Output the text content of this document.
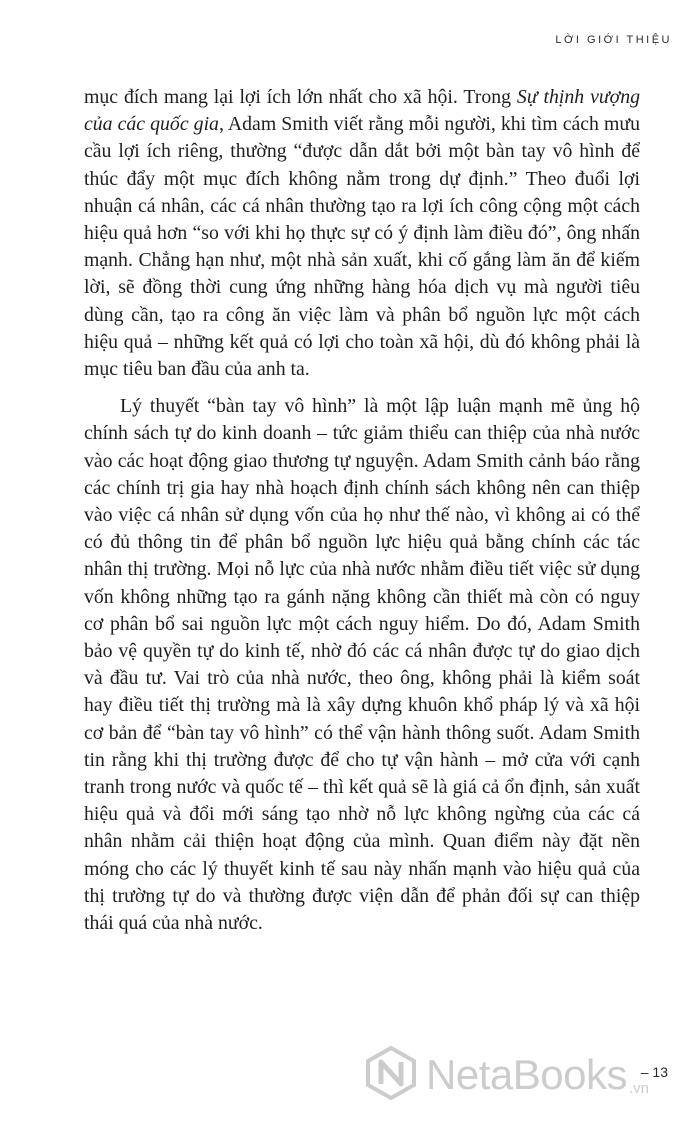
LỜI GIỚI THIỆU

mục đích mang lại lợi ích lớn nhất cho xã hội. Trong Sự thịnh vượng của các quốc gia, Adam Smith viết rằng mỗi người, khi tìm cách mưu cầu lợi ích riêng, thường “được dẫn dắt bởi một bàn tay vô hình để thúc đẩy một mục đích không nằm trong dự định.” Theo đuổi lợi nhuận cá nhân, các cá nhân thường tạo ra lợi ích công cộng một cách hiệu quả hơn “so với khi họ thực sự có ý định làm điều đó”, ông nhấn mạnh. Chẳng hạn như, một nhà sản xuất, khi cố gắng làm ăn để kiếm lời, sẽ đồng thời cung ứng những hàng hóa dịch vụ mà người tiêu dùng cần, tạo ra công ăn việc làm và phân bổ nguồn lực một cách hiệu quả – những kết quả có lợi cho toàn xã hội, dù đó không phải là mục tiêu ban đầu của anh ta.

Lý thuyết “bàn tay vô hình” là một lập luận mạnh mẽ ủng hộ chính sách tự do kinh doanh – tức giảm thiểu can thiệp của nhà nước vào các hoạt động giao thương tự nguyện. Adam Smith cảnh báo rằng các chính trị gia hay nhà hoạch định chính sách không nên can thiệp vào việc cá nhân sử dụng vốn của họ như thế nào, vì không ai có thể có đủ thông tin để phân bổ nguồn lực hiệu quả bằng chính các tác nhân thị trường. Mọi nỗ lực của nhà nước nhằm điều tiết việc sử dụng vốn không những tạo ra gánh nặng không cần thiết mà còn có nguy cơ phân bổ sai nguồn lực một cách nguy hiểm. Do đó, Adam Smith bảo vệ quyền tự do kinh tế, nhờ đó các cá nhân được tự do giao dịch và đầu tư. Vai trò của nhà nước, theo ông, không phải là kiểm soát hay điều tiết thị trường mà là xây dựng khuôn khổ pháp lý và xã hội cơ bản để “bàn tay vô hình” có thể vận hành thông suốt. Adam Smith tin rằng khi thị trường được để cho tự vận hành – mở cửa với cạnh tranh trong nước và quốc tế – thì kết quả sẽ là giá cả ổn định, sản xuất hiệu quả và đổi mới sáng tạo nhờ nỗ lực không ngừng của các cá nhân nhằm cải thiện hoạt động của mình. Quan điểm này đặt nền móng cho các lý thuyết kinh tế sau này nhấn mạnh vào hiệu quả của thị trường tự do và thường được viện dẫn để phản đối sự can thiệp thái quá của nhà nước.

NetaBooks .vn
– 13
